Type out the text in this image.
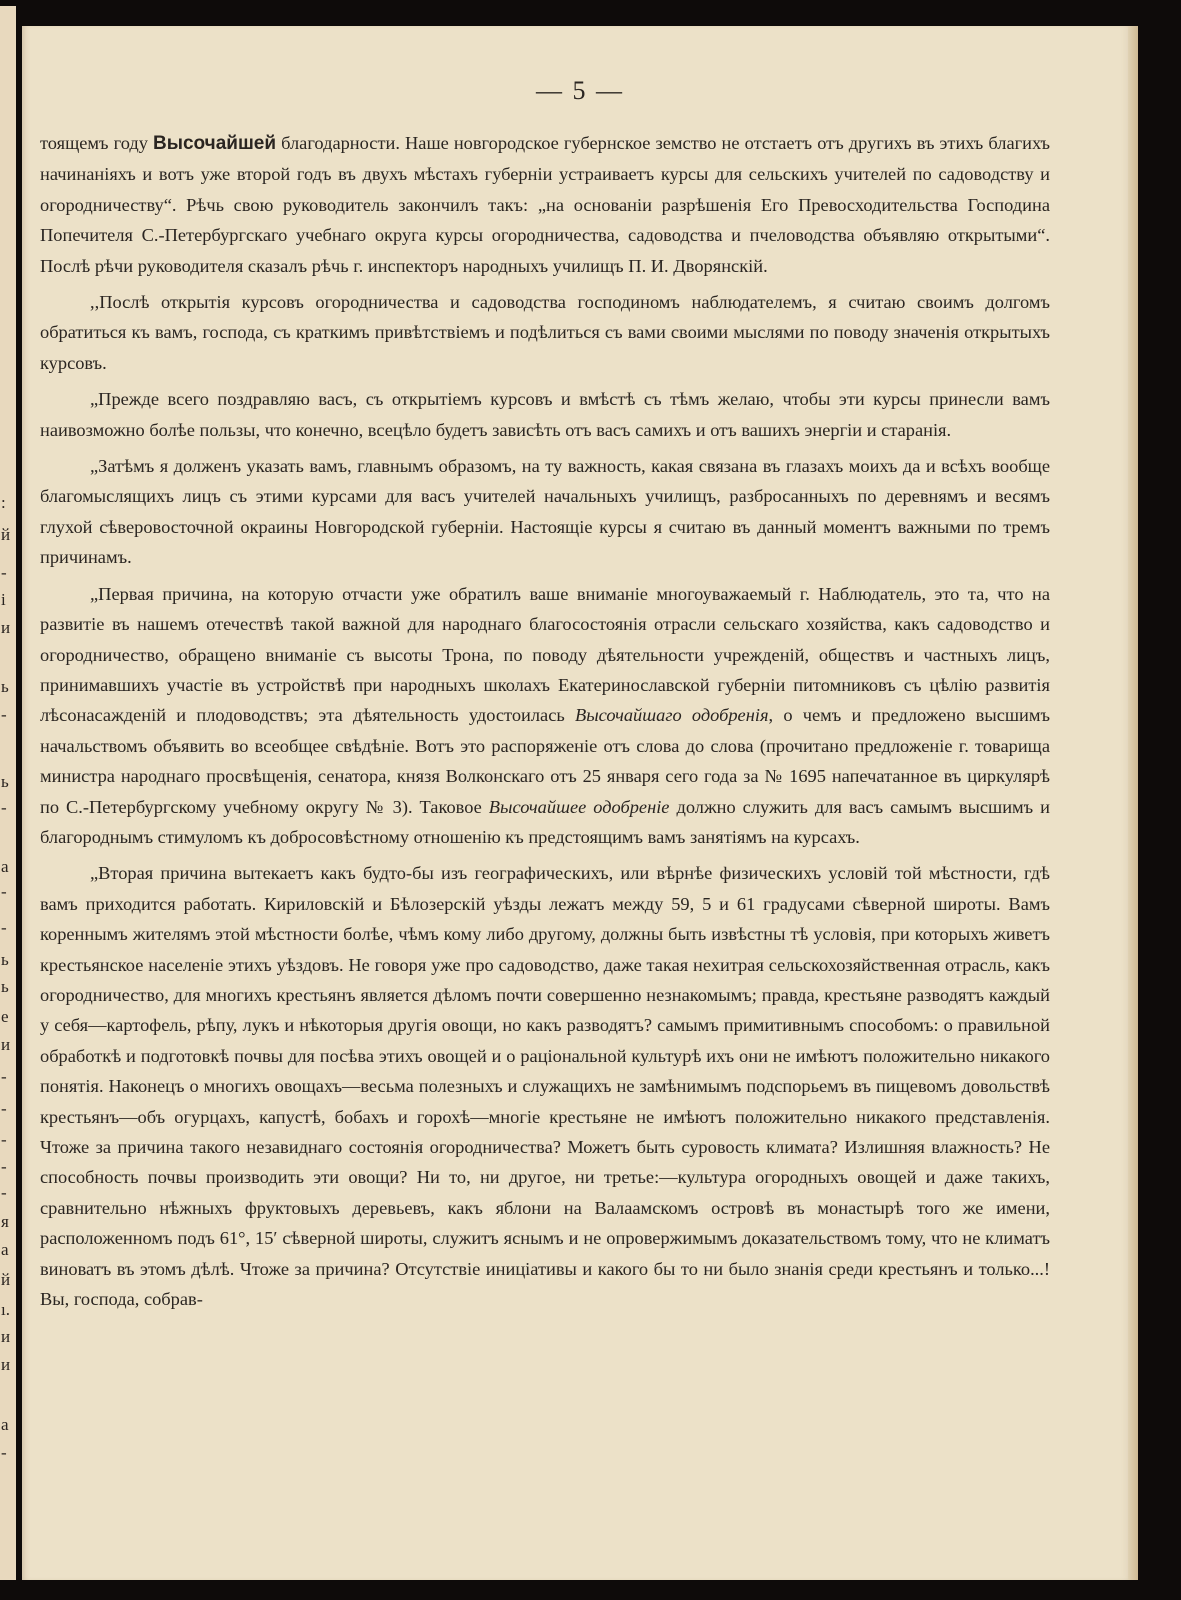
:
й
-
і
и
ь
-
ь
-
а
-
-
ь
ь
е
и
-
-
-
-
-
я
а
й
ı.
и
и
а
-
— 5 —

тоящемъ году Высочайшей благодарности. Наше новгородское губернское земство не отстаетъ отъ другихъ въ этихъ благихъ начинаніяхъ и вотъ уже второй годъ въ двухъ мѣстахъ губерніи устраиваетъ курсы для сельскихъ учителей по садоводству и огородничеству“. Рѣчь свою руководитель закончилъ такъ: „на основаніи разрѣшенія Его Превосходительства Господина Попечителя С.-Петербургскаго учебнаго округа курсы огородничества, садоводства и пчеловодства объявляю открытыми“. Послѣ рѣчи руководителя сказалъ рѣчь г. инспекторъ народныхъ училищъ П. И. Дворянскій.

,,Послѣ открытія курсовъ огородничества и садоводства господиномъ наблюдателемъ, я считаю своимъ долгомъ обратиться къ вамъ, господа, съ краткимъ привѣтствіемъ и подѣлиться съ вами своими мыслями по поводу значенія открытыхъ курсовъ.

„Прежде всего поздравляю васъ, съ открытіемъ курсовъ и вмѣстѣ съ тѣмъ желаю, чтобы эти курсы принесли вамъ наивозможно болѣе пользы, что конечно, всецѣло будетъ зависѣть отъ васъ самихъ и отъ вашихъ энергіи и старанія.

„Затѣмъ я долженъ указать вамъ, главнымъ образомъ, на ту важность, какая связана въ глазахъ моихъ да и всѣхъ вообще благомыслящихъ лицъ съ этими курсами для васъ учителей начальныхъ училищъ, разбросанныхъ по деревнямъ и весямъ глухой сѣверовосточной окраины Новгородской губерніи. Настоящіе курсы я считаю въ данный моментъ важными по тремъ причинамъ.

„Первая причина, на которую отчасти уже обратилъ ваше вниманіе многоуважаемый г. Наблюдатель, это та, что на развитіе въ нашемъ отечествѣ такой важной для народнаго благосостоянія отрасли сельскаго хозяйства, какъ садоводство и огородничество, обращено вниманіе съ высоты Трона, по поводу дѣятельности учрежденій, обществъ и частныхъ лицъ, принимавшихъ участіе въ устройствѣ при народныхъ школахъ Екатеринославской губерніи питомниковъ съ цѣлію развитія лѣсонасажденій и плодоводствъ; эта дѣятельность удостоилась Высочайшаго одобренія, о чемъ и предложено высшимъ начальствомъ объявить во всеобщее свѣдѣніе. Вотъ это распоряженіе отъ слова до слова (прочитано предложеніе г. товарища министра народнаго просвѣщенія, сенатора, князя Волконскаго отъ 25 января сего года за № 1695 напечатанное въ циркулярѣ по С.-Петербургскому учебному округу № 3). Таковое Высочайшее одобреніе должно служить для васъ самымъ высшимъ и благороднымъ стимуломъ къ добросовѣстному отношенію къ предстоящимъ вамъ занятіямъ на курсахъ.

„Вторая причина вытекаетъ какъ будто-бы изъ географическихъ, или вѣрнѣе физическихъ условій той мѣстности, гдѣ вамъ приходится работать. Кириловскій и Бѣлозерскій уѣзды лежатъ между 59, 5 и 61 градусами сѣверной широты. Вамъ кореннымъ жителямъ этой мѣстности болѣе, чѣмъ кому либо другому, должны быть извѣстны тѣ условія, при которыхъ живетъ крестьянское населеніе этихъ уѣздовъ. Не говоря уже про садоводство, даже такая нехитрая сельскохозяйственная отрасль, какъ огородничество, для многихъ крестьянъ является дѣломъ почти совершенно незнакомымъ; правда, крестьяне разводятъ каждый у себя—картофель, рѣпу, лукъ и нѣкоторыя другія овощи, но какъ разводятъ? самымъ примитивнымъ способомъ: о правильной обработкѣ и подготовкѣ почвы для посѣва этихъ овощей и о раціональной культурѣ ихъ они не имѣютъ положительно никакого понятія. Наконецъ о многихъ овощахъ—весьма полезныхъ и служащихъ не замѣнимымъ подспорьемъ въ пищевомъ довольствѣ крестьянъ—объ огурцахъ, капустѣ, бобахъ и горохѣ—многіе крестьяне не имѣютъ положительно никакого представленія. Чтоже за причина такого незавиднаго состоянія огородничества? Можетъ быть суровость климата? Излишняя влажность? Не способность почвы производить эти овощи? Ни то, ни другое, ни третье:—культура огородныхъ овощей и даже такихъ, сравнительно нѣжныхъ фруктовыхъ деревьевъ, какъ яблони на Валаамскомъ островѣ въ монастырѣ того же имени, расположенномъ подъ 61°, 15′ сѣверной широты, служитъ яснымъ и не опровержимымъ доказательствомъ тому, что не климатъ виноватъ въ этомъ дѣлѣ. Чтоже за причина? Отсутствіе иниціативы и какого бы то ни было знанія среди крестьянъ и только...! Вы, господа, собрав-
